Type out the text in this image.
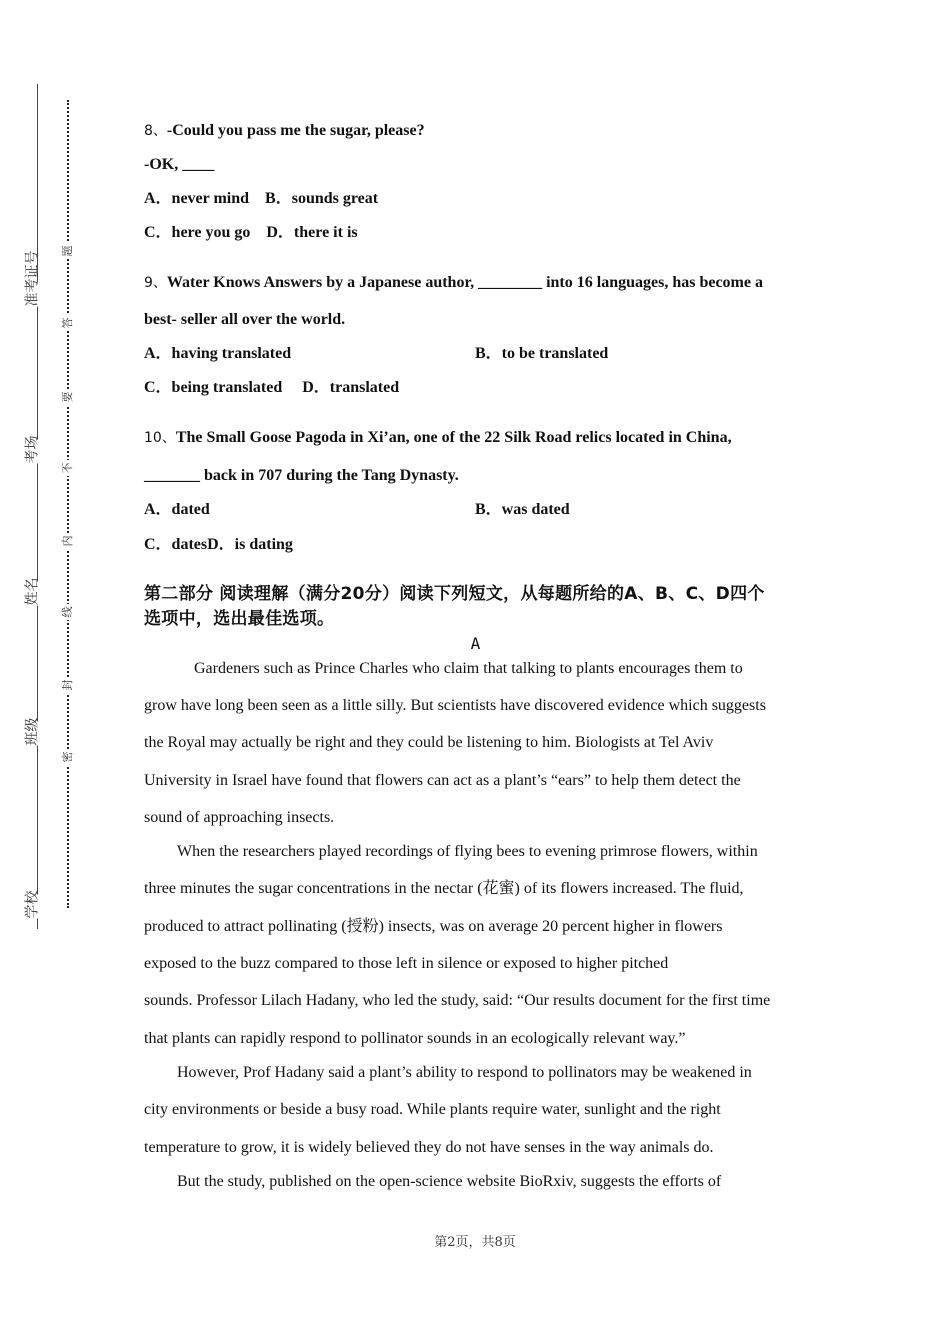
准考证号
考场
姓名
班级
学校
题
答
要
不
内
线
封
密
8、-Could you pass me the sugar, please?
-OK, ____
A．never mind B．sounds great
C．here you go D．there it is
9、Water Knows Answers by a Japanese author, ________ into 16 languages, has become a
best- seller all over the world.
A．having translated	B．to be translated
C．being translated D．translated
10、The Small Goose Pagoda in Xi’an, one of the 22 Silk Road relics located in China,
_______ back in 707 during the Tang Dynasty.
A．dated	B．was dated
C．datesD．is dating
第二部分 阅读理解（满分20分）阅读下列短文，从每题所给的A、B、C、D四个
选项中，选出最佳选项。
A
Gardeners such as Prince Charles who claim that talking to plants encourages them to
grow have long been seen as a little silly. But scientists have discovered evidence which suggests
the Royal may actually be right and they could be listening to him. Biologists at Tel Aviv
University in Israel have found that flowers can act as a plant’s “ears” to help them detect the
sound of approaching insects.
When the researchers played recordings of flying bees to evening primrose flowers, within
three minutes the sugar concentrations in the nectar (花蜜) of its flowers increased. The fluid,
produced to attract pollinating (授粉) insects, was on average 20 percent higher in flowers
exposed to the buzz compared to those left in silence or exposed to higher pitched
sounds. Professor Lilach Hadany, who led the study, said: “Our results document for the first time
that plants can rapidly respond to pollinator sounds in an ecologically relevant way.”
However, Prof Hadany said a plant’s ability to respond to pollinators may be weakened in
city environments or beside a busy road. While plants require water, sunlight and the right
temperature to grow, it is widely believed they do not have senses in the way animals do.
But the study, published on the open-science website BioRxiv, suggests the efforts of
第2页，共8页
